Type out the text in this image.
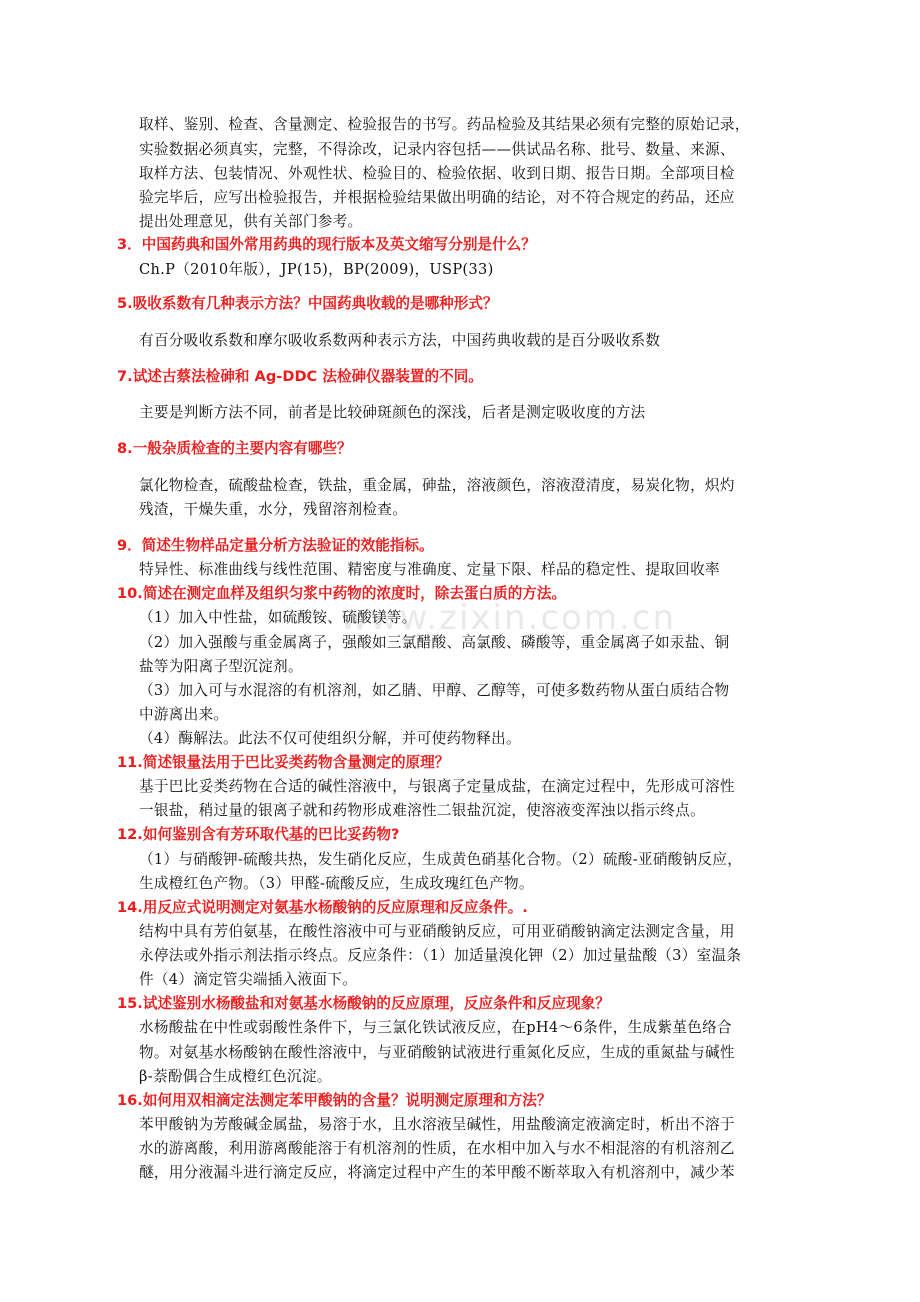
www.zixin.com.cn
取样、鉴别、检查、含量测定、检验报告的书写。药品检验及其结果必须有完整的原始记录，
实验数据必须真实，完整，不得涂改，记录内容包括——供试品名称、批号、数量、来源、
取样方法、包装情况、外观性状、检验目的、检验依据、收到日期、报告日期。全部项目检
验完毕后，应写出检验报告，并根据检验结果做出明确的结论，对不符合规定的药品，还应
提出处理意见，供有关部门参考。
3．中国药典和国外常用药典的现行版本及英文缩写分别是什么？
Ch.P（2010年版），JP(15)，BP(2009)，USP(33)
5.吸收系数有几种表示方法？中国药典收载的是哪种形式？
有百分吸收系数和摩尔吸收系数两种表示方法，中国药典收载的是百分吸收系数
7.试述古蔡法检砷和 Ag-DDC 法检砷仪器装置的不同。
主要是判断方法不同，前者是比较砷斑颜色的深浅，后者是测定吸收度的方法
8.一般杂质检查的主要内容有哪些？
氯化物检查，硫酸盐检查，铁盐，重金属，砷盐，溶液颜色，溶液澄清度，易炭化物，炽灼
残渣，干燥失重，水分，残留溶剂检查。
9．简述生物样品定量分析方法验证的效能指标。
特异性、标准曲线与线性范围、精密度与准确度、定量下限、样品的稳定性、提取回收率
10.简述在测定血样及组织匀浆中药物的浓度时，除去蛋白质的方法。
（1）加入中性盐，如硫酸铵、硫酸镁等。
（2）加入强酸与重金属离子，强酸如三氯醋酸、高氯酸、磷酸等，重金属离子如汞盐、铜
盐等为阳离子型沉淀剂。
（3）加入可与水混溶的有机溶剂，如乙腈、甲醇、乙醇等，可使多数药物从蛋白质结合物
中游离出来。
（4）酶解法。此法不仅可使组织分解，并可使药物释出。
11.简述银量法用于巴比妥类药物含量测定的原理？
基于巴比妥类药物在合适的碱性溶液中，与银离子定量成盐，在滴定过程中，先形成可溶性
一银盐，稍过量的银离子就和药物形成难溶性二银盐沉淀，使溶液变浑浊以指示终点。
12.如何鉴别含有芳环取代基的巴比妥药物?
（1）与硝酸钾-硫酸共热，发生硝化反应，生成黄色硝基化合物。（2）硫酸-亚硝酸钠反应，
生成橙红色产物。（3）甲醛-硫酸反应，生成玫瑰红色产物。
14.用反应式说明测定对氨基水杨酸钠的反应原理和反应条件。.
结构中具有芳伯氨基，在酸性溶液中可与亚硝酸钠反应，可用亚硝酸钠滴定法测定含量，用
永停法或外指示剂法指示终点。反应条件：（1）加适量溴化钾（2）加过量盐酸（3）室温条
件（4）滴定管尖端插入液面下。
15.试述鉴别水杨酸盐和对氨基水杨酸钠的反应原理，反应条件和反应现象？
水杨酸盐在中性或弱酸性条件下，与三氯化铁试液反应，在pH4～6条件，生成紫堇色络合
物。对氨基水杨酸钠在酸性溶液中，与亚硝酸钠试液进行重氮化反应，生成的重氮盐与碱性
β-萘酚偶合生成橙红色沉淀。
16.如何用双相滴定法测定苯甲酸钠的含量？说明测定原理和方法？
苯甲酸钠为芳酸碱金属盐，易溶于水，且水溶液呈碱性，用盐酸滴定液滴定时，析出不溶于
水的游离酸，利用游离酸能溶于有机溶剂的性质，在水相中加入与水不相混溶的有机溶剂乙
醚，用分液漏斗进行滴定反应，将滴定过程中产生的苯甲酸不断萃取入有机溶剂中，减少苯
